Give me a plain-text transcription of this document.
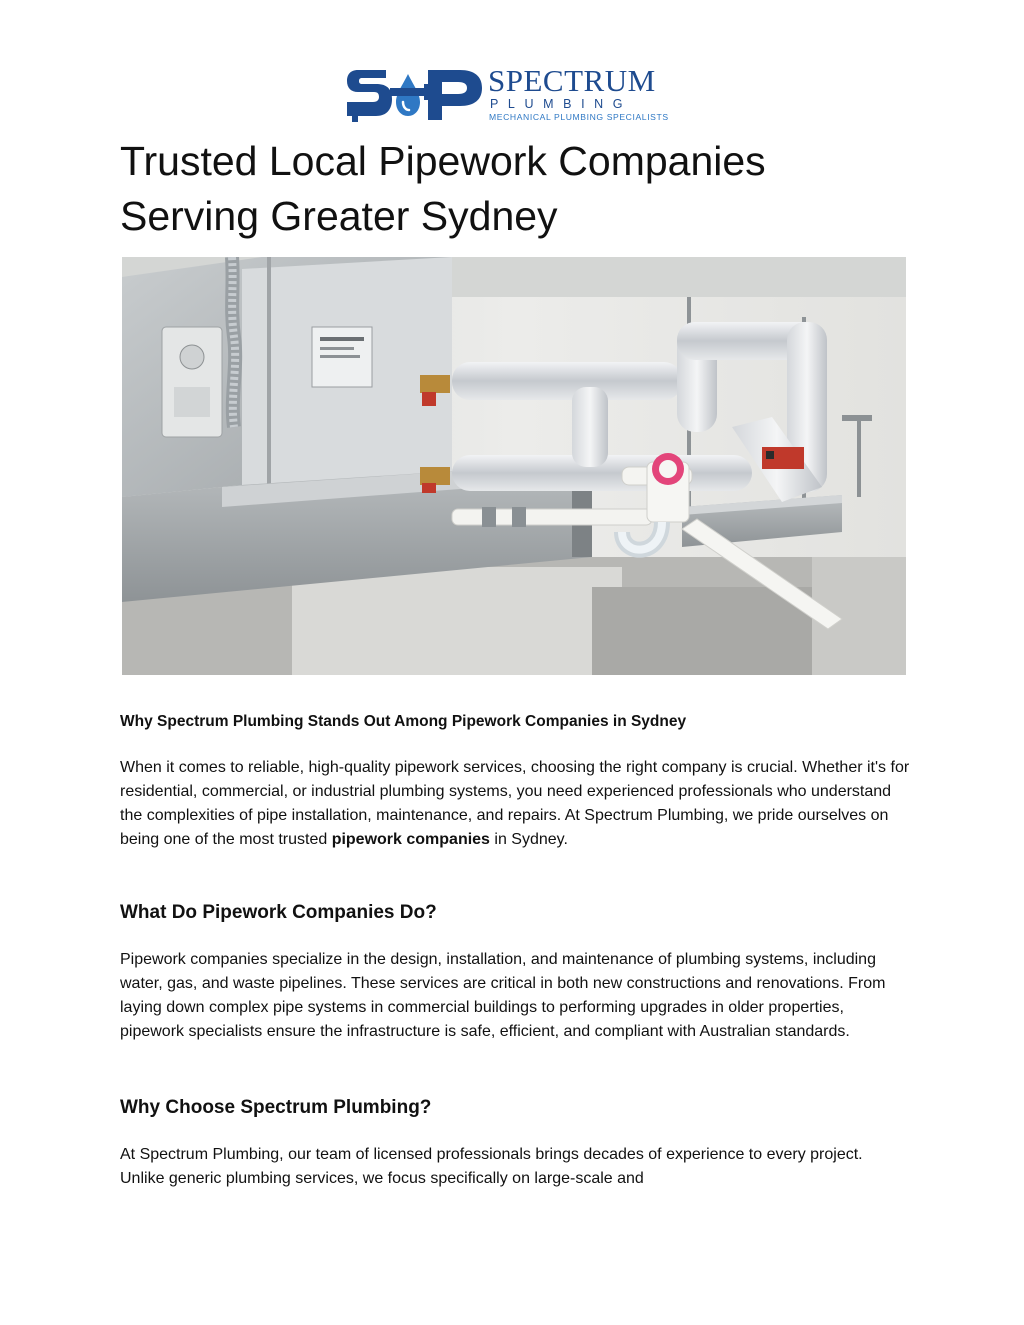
SPECTRUM
PLUMBING
MECHANICAL PLUMBING SPECIALISTS
Trusted Local Pipework Companies Serving Greater Sydney
Why Spectrum Plumbing Stands Out Among Pipework Companies in Sydney

When it comes to reliable, high-quality pipework services, choosing the right company is crucial. Whether it's for residential, commercial, or industrial plumbing systems, you need experienced professionals who understand the complexities of pipe installation, maintenance, and repairs. At Spectrum Plumbing, we pride ourselves on being one of the most trusted pipework companies in Sydney.

What Do Pipework Companies Do?

Pipework companies specialize in the design, installation, and maintenance of plumbing systems, including water, gas, and waste pipelines. These services are critical in both new constructions and renovations. From laying down complex pipe systems in commercial buildings to performing upgrades in older properties, pipework specialists ensure the infrastructure is safe, efficient, and compliant with Australian standards.

Why Choose Spectrum Plumbing?

At Spectrum Plumbing, our team of licensed professionals brings decades of experience to every project. Unlike generic plumbing services, we focus specifically on large-scale and
